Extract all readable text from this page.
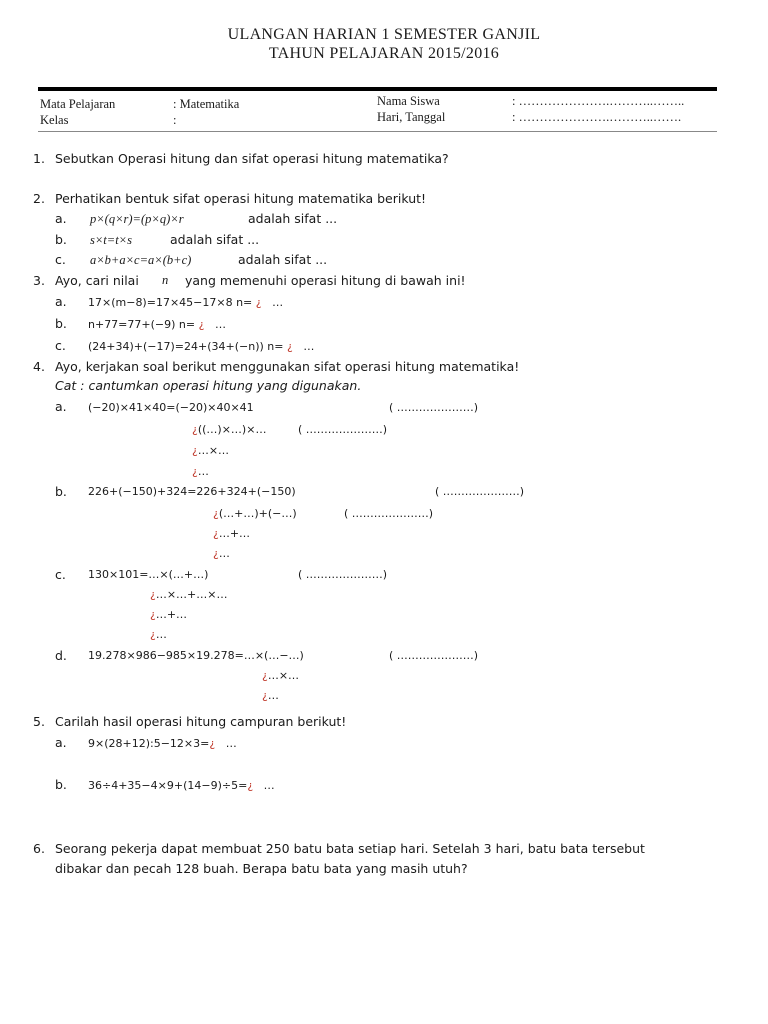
ULANGAN HARIAN 1 SEMESTER GANJIL
TAHUN PELAJARAN 2015/2016
Mata Pelajaran	: Matematika
Kelas	:
Nama Siswa	: ………………….………..……..
Hari, Tanggal	: ………………….………..…….
1. Sebutkan Operasi hitung dan sifat operasi hitung matematika?
2. Perhatikan bentuk sifat operasi hitung matematika berikut!
a. p×(q×r)=(p×q)×r	adalah sifat ...
b. s×t=t×s	adalah sifat ...
c. a×b+a×c=a×(b+c)	adalah sifat ...
3. Ayo, cari nilai n yang memenuhi operasi hitung di bawah ini!
a. 17×(m−8)=17×45−17×8 n= ¿ …
b. n+77=77+(−9) n= ¿ …
c. (24+34)+(−17)=24+(34+(−n)) n= ¿ …
4. Ayo, kerjakan soal berikut menggunakan sifat operasi hitung matematika!
Cat : cantumkan operasi hitung yang digunakan.
a. (−20)×41×40=(−20)×40×41	( …………………)
¿((…)×…)×…	( …………………)
¿…×…
¿…
b. 226+(−150)+324=226+324+(−150)	( …………………)
¿(…+…)+(−…)	( …………………)
¿…+…
¿…
c. 130×101=…×(…+…)	( …………………)
¿…×…+…×…
¿…+…
¿…
d. 19.278×986−985×19.278=…×(…−…)	( …………………)
¿…×…
¿…
5. Carilah hasil operasi hitung campuran berikut!
a. 9×(28+12):5−12×3=¿ …
b. 36÷4+35−4×9+(14−9)÷5=¿ …
6. Seorang pekerja dapat membuat 250 batu bata setiap hari. Setelah 3 hari, batu bata tersebut
dibakar dan pecah 128 buah. Berapa batu bata yang masih utuh?
